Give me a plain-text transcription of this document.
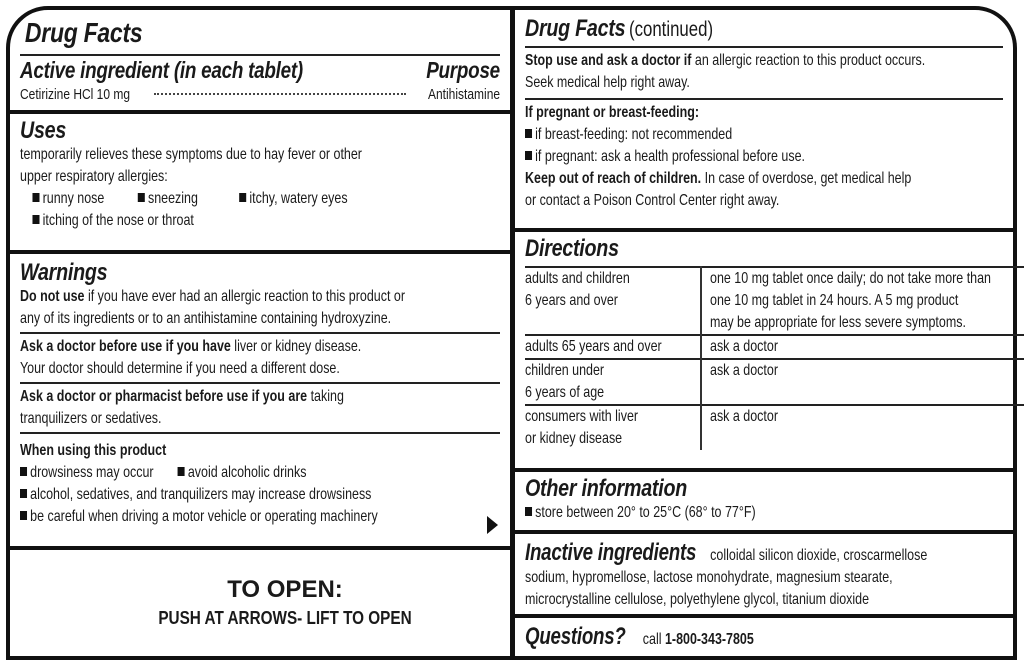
Drug Facts
Active ingredient (in each tablet)	Purpose
Cetirizine HCl 10 mg	Antihistamine
Uses
temporarily relieves these symptoms due to hay fever or other
upper respiratory allergies:
runny nose	sneezing	itchy, watery eyes
itching of the nose or throat
Warnings
Do not use if you have ever had an allergic reaction to this product or
any of its ingredients or to an antihistamine containing hydroxyzine.
Ask a doctor before use if you have liver or kidney disease.
Your doctor should determine if you need a different dose.
Ask a doctor or pharmacist before use if you are taking
tranquilizers or sedatives.
When using this product
drowsiness may occur avoid alcoholic drinks
alcohol, sedatives, and tranquilizers may increase drowsiness
be careful when driving a motor vehicle or operating machinery
TO OPEN:
PUSH AT ARROWS- LIFT TO OPEN
Drug Facts(continued)
Stop use and ask a doctor if an allergic reaction to this product occurs.
Seek medical help right away.
If pregnant or breast-feeding:
if breast-feeding: not recommended
if pregnant: ask a health professional before use.
Keep out of reach of children. In case of overdose, get medical help
or contact a Poison Control Center right away.
Directions
adults and children
6 years and over	one 10 mg tablet once daily; do not take more than
one 10 mg tablet in 24 hours. A 5 mg product
may be appropriate for less severe symptoms.

adults 65 years and over	ask a doctor

children under
6 years of age	ask a doctor

consumers with liver
or kidney disease	ask a doctor
Other information
store between 20° to 25°C (68° to 77°F)
Inactive ingredients colloidal silicon dioxide, croscarmellose
sodium, hypromellose, lactose monohydrate, magnesium stearate,
microcrystalline cellulose, polyethylene glycol, titanium dioxide
Questions? call 1-800-343-7805
